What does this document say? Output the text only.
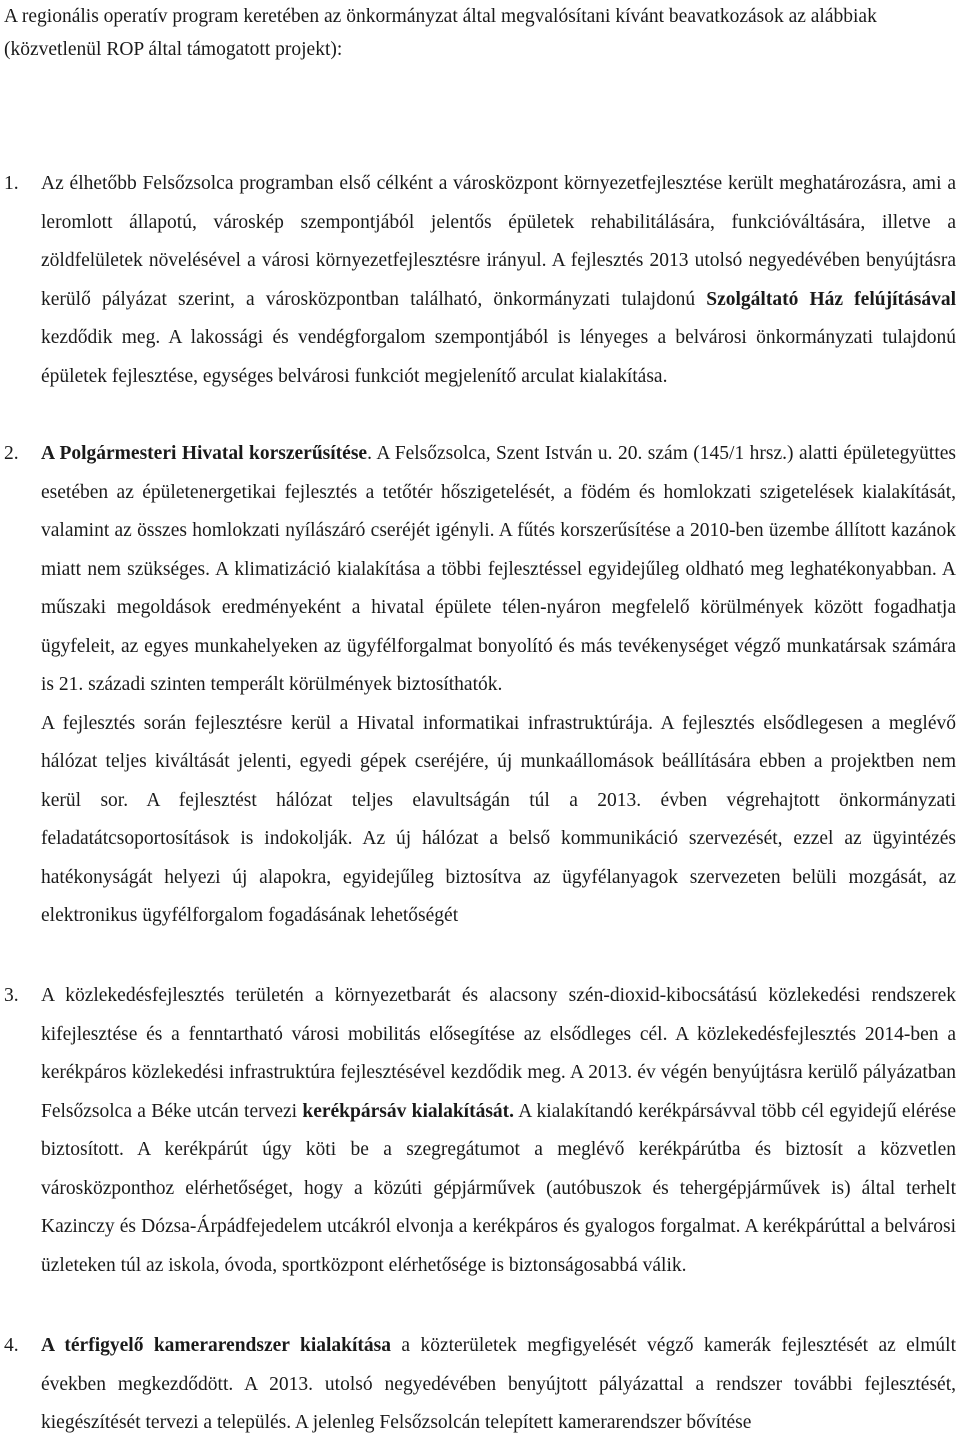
A regionális operatív program keretében az önkormányzat által megvalósítani kívánt beavatkozások az alábbiak (közvetlenül ROP által támogatott projekt):
1.	Az élhetőbb Felsőzsolca programban első célként a városközpont környezetfejlesztése került meghatározásra, ami a leromlott állapotú, városkép szempontjából jelentős épületek rehabilitálására, funkcióváltására, illetve a zöldfelületek növelésével a városi környezetfejlesztésre irányul. A fejlesztés 2013 utolsó negyedévében benyújtásra kerülő pályázat szerint, a városközpontban található, önkormányzati tulajdonú Szolgáltató Ház felújításával kezdődik meg. A lakossági és vendégforgalom szempontjából is lényeges a belvárosi önkormányzati tulajdonú épületek fejlesztése, egységes belvárosi funkciót megjelenítő arculat kialakítása.

2.	A Polgármesteri Hivatal korszerűsítése. A Felsőzsolca, Szent István u. 20. szám (145/1 hrsz.) alatti épületegyüttes esetében az épületenergetikai fejlesztés a tetőtér hőszigetelését, a födém és homlokzati szigetelések kialakítását, valamint az összes homlokzati nyílászáró cseréjét igényli. A fűtés korszerűsítése a 2010-ben üzembe állított kazánok miatt nem szükséges. A klimatizáció kialakítása a többi fejlesztéssel egyidejűleg oldható meg leghatékonyabban. A műszaki megoldások eredményeként a hivatal épülete télen-nyáron megfelelő körülmények között fogadhatja ügyfeleit, az egyes munkahelyeken az ügyfélforgalmat bonyolító és más tevékenységet végző munkatársak számára is 21. századi szinten temperált körülmények biztosíthatók.

A fejlesztés során fejlesztésre kerül a Hivatal informatikai infrastruktúrája. A fejlesztés elsődlegesen a meglévő hálózat teljes kiváltását jelenti, egyedi gépek cseréjére, új munkaállomások beállítására ebben a projektben nem kerül sor. A fejlesztést hálózat teljes elavultságán túl a 2013. évben végrehajtott önkormányzati feladatátcsoportosítások is indokolják. Az új hálózat a belső kommunikáció szervezését, ezzel az ügyintézés hatékonyságát helyezi új alapokra, egyidejűleg biztosítva az ügyfélanyagok szervezeten belüli mozgását, az elektronikus ügyfélforgalom fogadásának lehetőségét

3.	A közlekedésfejlesztés területén a környezetbarát és alacsony szén-dioxid-kibocsátású közlekedési rendszerek kifejlesztése és a fenntartható városi mobilitás elősegítése az elsődleges cél. A közlekedésfejlesztés 2014-ben a kerékpáros közlekedési infrastruktúra fejlesztésével kezdődik meg. A 2013. év végén benyújtásra kerülő pályázatban Felsőzsolca a Béke utcán tervezi kerékpársáv kialakítását. A kialakítandó kerékpársávval több cél egyidejű elérése biztosított. A kerékpárút úgy köti be a szegregátumot a meglévő kerékpárútba és biztosít a közvetlen városközponthoz elérhetőséget, hogy a közúti gépjárművek (autóbuszok és tehergépjárművek is) által terhelt Kazinczy és Dózsa-Árpádfejedelem utcákról elvonja a kerékpáros és gyalogos forgalmat. A kerékpárúttal a belvárosi üzleteken túl az iskola, óvoda, sportközpont elérhetősége is biztonságosabbá válik.

4.	A térfigyelő kamerarendszer kialakítása a közterületek megfigyelését végző kamerák fejlesztését az elmúlt években megkezdődött. A 2013. utolsó negyedévében benyújtott pályázattal a rendszer további fejlesztését, kiegészítését tervezi a település. A jelenleg Felsőzsolcán telepített kamerarendszer bővítése
